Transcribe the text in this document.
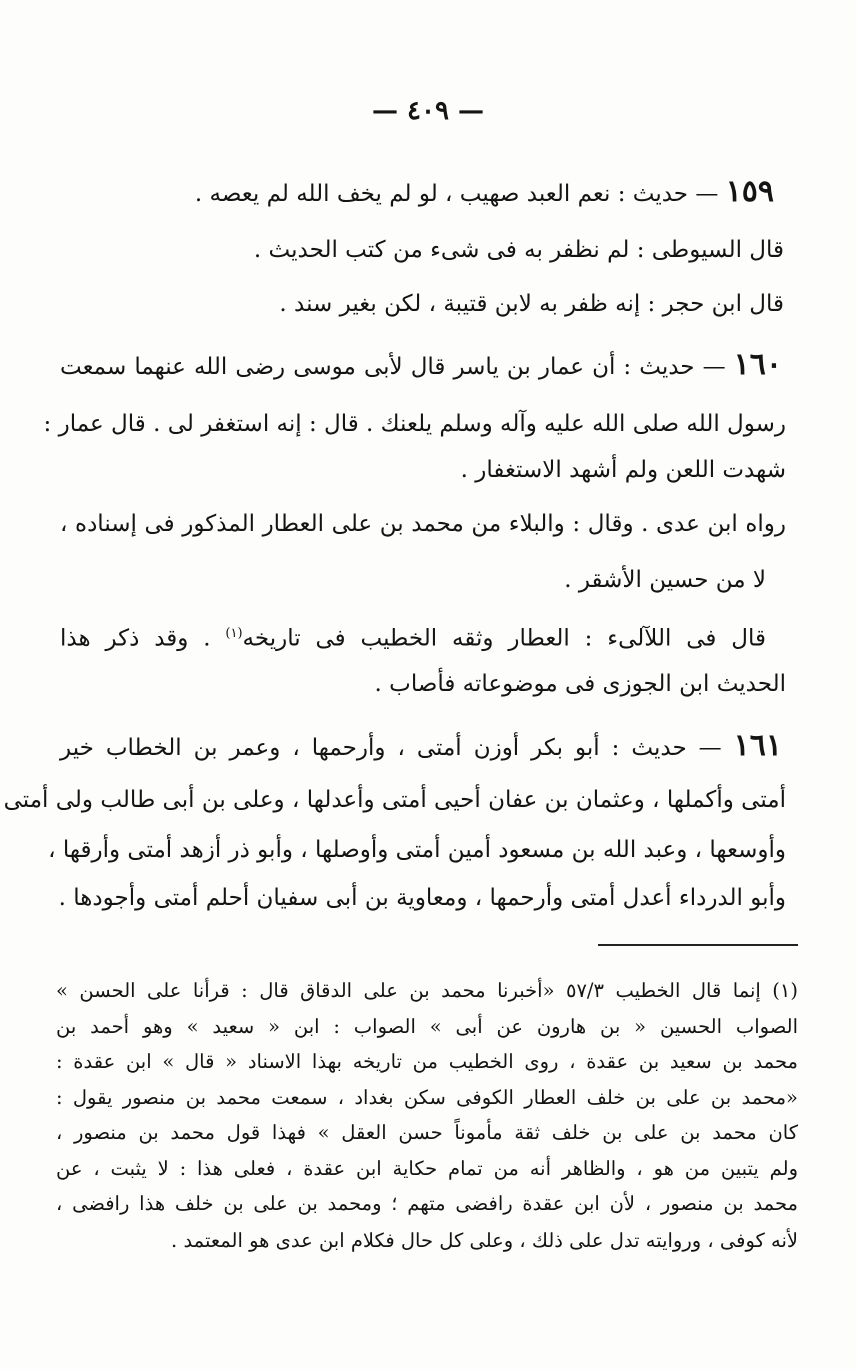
— ٤٠٩ —
١٥٩ — حديث : نعم العبد صهيب ، لو لم يخف الله لم يعصه .
قال السيوطى : لم نظفر به فى شىء من كتب الحديث .
قال ابن حجر : إنه ظفر به لابن قتيبة ، لكن بغير سند .
١٦٠ — حديث : أن عمار بن ياسر قال لأبى موسى رضى الله عنهما سمعت
رسول الله صلى الله عليه وآله وسلم يلعنك . قال : إنه استغفر لى . قال عمار :
شهدت اللعن ولم أشهد الاستغفار .
رواه ابن عدى . وقال : والبلاء من محمد بن على العطار المذكور فى إسناده ،
لا من حسين الأشقر .
قال فى اللآلىء : العطار وثقه الخطيب فى تاريخه$^{(١)}$ . وقد ذكر هذا
الحديث ابن الجوزى فى موضوعاته فأصاب .
١٦١ — حديث : أبو بكر أوزن أمتى ، وأرحمها ، وعمر بن الخطاب خير
أمتى وأكملها ، وعثمان بن عفان أحيى أمتى وأعدلها ، وعلى بن أبى طالب ولى أمتى
وأوسعها ، وعبد الله بن مسعود أمين أمتى وأوصلها ، وأبو ذر أزهد أمتى وأرقها ،
وأبو الدرداء أعدل أمتى وأرحمها ، ومعاوية بن أبى سفيان أحلم أمتى وأجودها .
(١) إنما قال الخطيب ٥٧/٣ «أخبرنا محمد بن على الدقاق قال : قرأنا على الحسن »
الصواب الحسين « بن هارون عن أبى » الصواب : ابن « سعيد » وهو أحمد بن
محمد بن سعيد بن عقدة ، روى الخطيب من تاريخه بهذا الاسناد « قال » ابن عقدة :
«محمد بن على بن خلف العطار الكوفى سكن بغداد ، سمعت محمد بن منصور يقول :
كان محمد بن على بن خلف ثقة مأموناً حسن العقل » فهذا قول محمد بن منصور ،
ولم يتبين من هو ، والظاهر أنه من تمام حكاية ابن عقدة ، فعلى هذا : لا يثبت ، عن
محمد بن منصور ، لأن ابن عقدة رافضى متهم ؛ ومحمد بن على بن خلف هذا رافضى ،
لأنه كوفى ، وروايته تدل على ذلك ، وعلى كل حال فكلام ابن عدى هو المعتمد .
